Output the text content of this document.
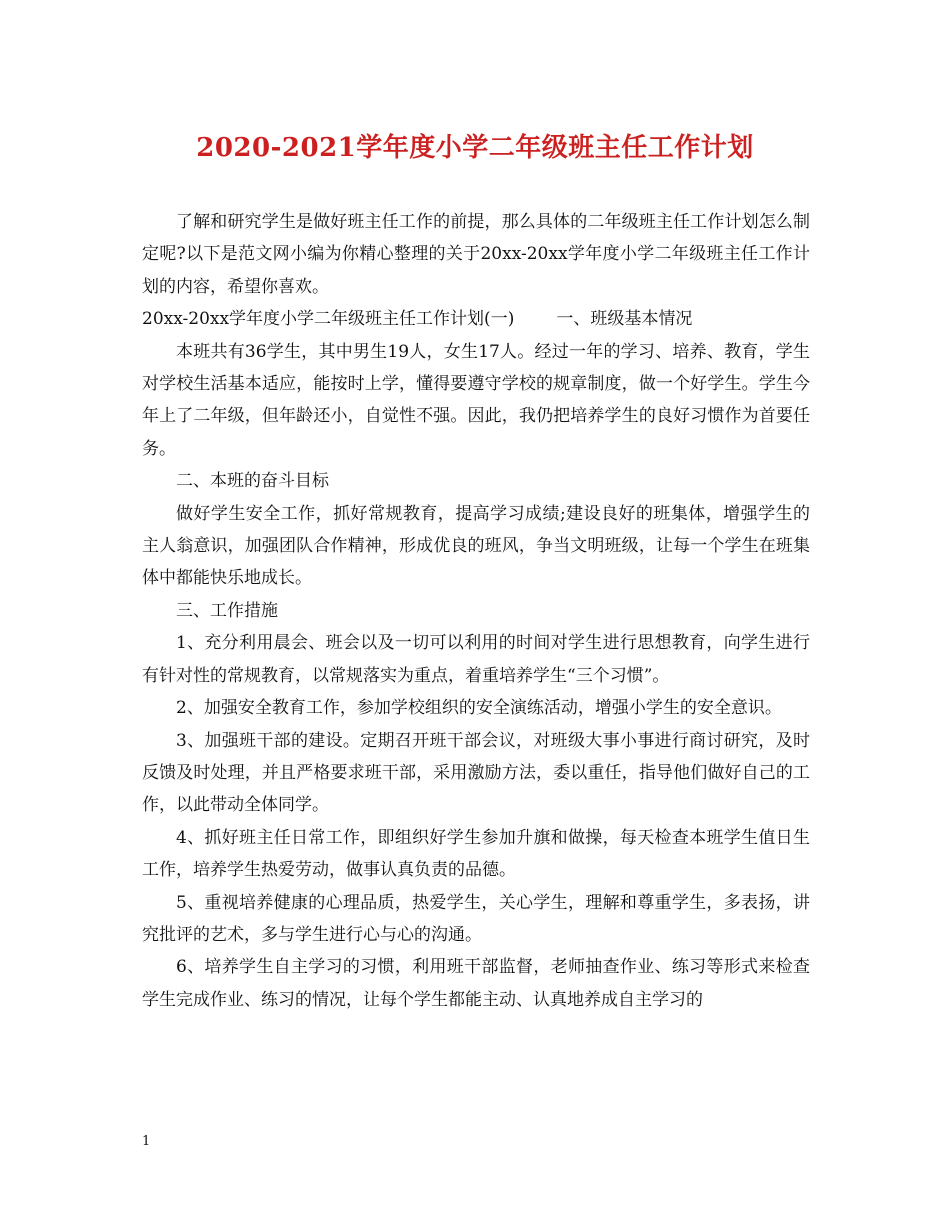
2020-2021学年度小学二年级班主任工作计划

了解和研究学生是做好班主任工作的前提，那么具体的二年级班主任工作计划怎么制定呢?以下是范文网小编为你精心整理的关于20xx-20xx学年度小学二年级班主任工作计划的内容，希望你喜欢。

20xx-20xx学年度小学二年级班主任工作计划(一) 一、班级基本情况

本班共有36学生，其中男生19人，女生17人。经过一年的学习、培养、教育，学生对学校生活基本适应，能按时上学，懂得要遵守学校的规章制度，做一个好学生。学生今年上了二年级，但年龄还小，自觉性不强。因此，我仍把培养学生的良好习惯作为首要任务。

二、本班的奋斗目标

做好学生安全工作，抓好常规教育，提高学习成绩;建设良好的班集体，增强学生的主人翁意识，加强团队合作精神，形成优良的班风，争当文明班级，让每一个学生在班集体中都能快乐地成长。

三、工作措施

1、充分利用晨会、班会以及一切可以利用的时间对学生进行思想教育，向学生进行有针对性的常规教育，以常规落实为重点，着重培养学生“三个习惯”。

2、加强安全教育工作，参加学校组织的安全演练活动，增强小学生的安全意识。

3、加强班干部的建设。定期召开班干部会议，对班级大事小事进行商讨研究，及时反馈及时处理，并且严格要求班干部，采用激励方法，委以重任，指导他们做好自己的工作，以此带动全体同学。

4、抓好班主任日常工作，即组织好学生参加升旗和做操，每天检查本班学生值日生工作，培养学生热爱劳动，做事认真负责的品德。

5、重视培养健康的心理品质，热爱学生，关心学生，理解和尊重学生，多表扬，讲究批评的艺术，多与学生进行心与心的沟通。

6、培养学生自主学习的习惯，利用班干部监督，老师抽查作业、练习等形式来检查学生完成作业、练习的情况，让每个学生都能主动、认真地养成自主学习的

1
